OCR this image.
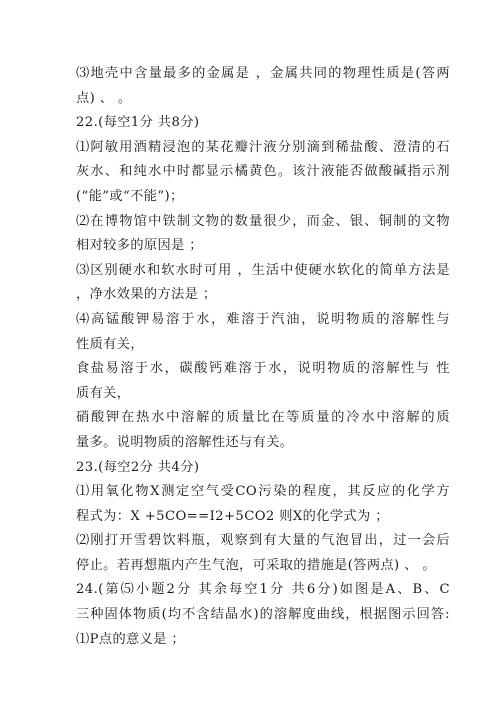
⑶地壳中含量最多的金属是 ，金属共同的物理性质是(答两
点) 、 。
22.(每空1分 共8分)
⑴阿敏用酒精浸泡的某花瓣汁液分别滴到稀盐酸、澄清的石
灰水、和纯水中时都显示橘黄色。该汁液能否做酸碱指示剂
(“能”或“不能”)；
⑵在博物馆中铁制文物的数量很少，而金、银、铜制的文物
相对较多的原因是 ；
⑶区别硬水和软水时可用 ，生活中使硬水软化的简单方法是
，净水效果的方法是 ；
⑷高锰酸钾易溶于水，难溶于汽油，说明物质的溶解性与
性质有关，
食盐易溶于水，碳酸钙难溶于水，说明物质的溶解性与 性
质有关，
硝酸钾在热水中溶解的质量比在等质量的冷水中溶解的质
量多。说明物质的溶解性还与有关。
23.(每空2分 共4分)
⑴用氧化物X测定空气受CO污染的程度，其反应的化学方
程式为：X +5CO==I2+5CO2 则X的化学式为 ；
⑵刚打开雪碧饮料瓶，观察到有大量的气泡冒出，过一会后
停止。若再想瓶内产生气泡，可采取的措施是(答两点) 、 。
24.(第⑸小题2分 其余每空1分 共6分)如图是A、B、C
三种固体物质(均不含结晶水)的溶解度曲线，根据图示回答:
⑴P点的意义是 ；
